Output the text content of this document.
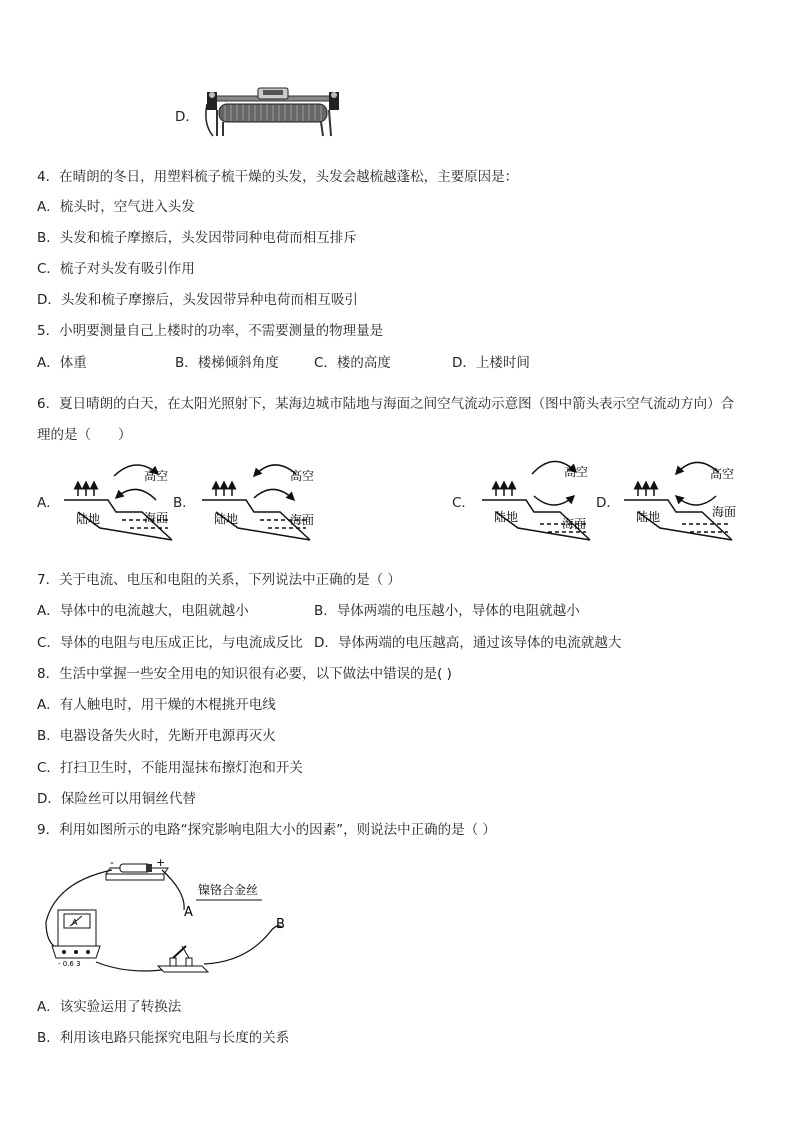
D．
4．在晴朗的冬日，用塑料梳子梳干燥的头发，头发会越梳越蓬松，主要原因是：
A．梳头时，空气进入头发
B．头发和梳子摩擦后，头发因带同种电荷而相互排斥
C．梳子对头发有吸引作用
D．头发和梳子摩擦后，头发因带异种电荷而相互吸引
5．小明要测量自己上楼时的功率，不需要测量的物理量是
A．体重	B．楼梯倾斜角度	C．楼的高度	D．上楼时间
6．夏日晴朗的白天，在太阳光照射下，某海边城市陆地与海面之间空气流动示意图（图中箭头表示空气流动方向）合
理的是（　　）
A．	B．	C．	D．
高空
陆地	海面
高空
陆地	海面
高空
陆地	海面
高空
陆地	海面
7．关于电流、电压和电阻的关系，下列说法中正确的是（ ）
A．导体中的电流越大，电阻就越小	B．导体两端的电压越小，导体的电阻就越小
C．导体的电阻与电压成正比，与电流成反比 D．导体两端的电压越高，通过该导体的电流就越大
8．生活中掌握一些安全用电的知识很有必要，以下做法中错误的是( )
A．有人触电时，用干燥的木棍挑开电线
B．电器设备失火时，先断开电源再灭火
C．打扫卫生时，不能用湿抹布擦灯泡和开关
D．保险丝可以用铜丝代替
9．利用如图所示的电路“探究影响电阻大小的因素”，则说法中正确的是（ ）
-	+
镍铬合金丝
A
B
A
- 0.6 3
A．该实验运用了转换法
B．利用该电路只能探究电阻与长度的关系
